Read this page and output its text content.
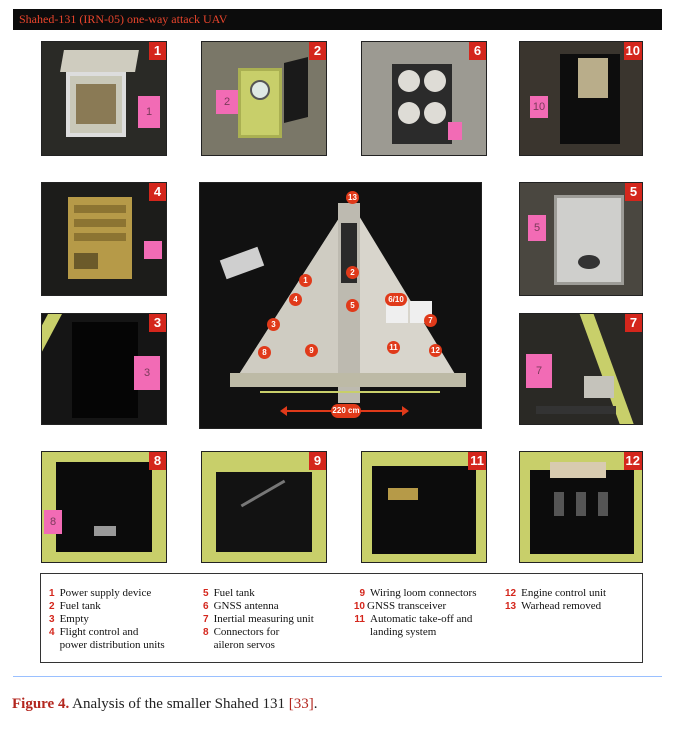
Shahed-131 (IRN-05) one-way attack UAV
1
1
2
2	6
10
10
4
5
5
3
3
7
7
8
8	9	11	12
13
1
2
4
5
6/10
3	7
8	9	11	12
220 cm
1 Power supply device
2 Fuel tank
3 Empty
4 Flight control and
power distribution units
5 Fuel tank
6 GNSS antenna
7 Inertial measuring unit
8 Connectors for
aileron servos
9 Wiring loom connectors
10 GNSS transceiver
11 Automatic take-off and
landing system
12 Engine control unit
13 Warhead removed
Figure 4. Analysis of the smaller Shahed 131 [33].
